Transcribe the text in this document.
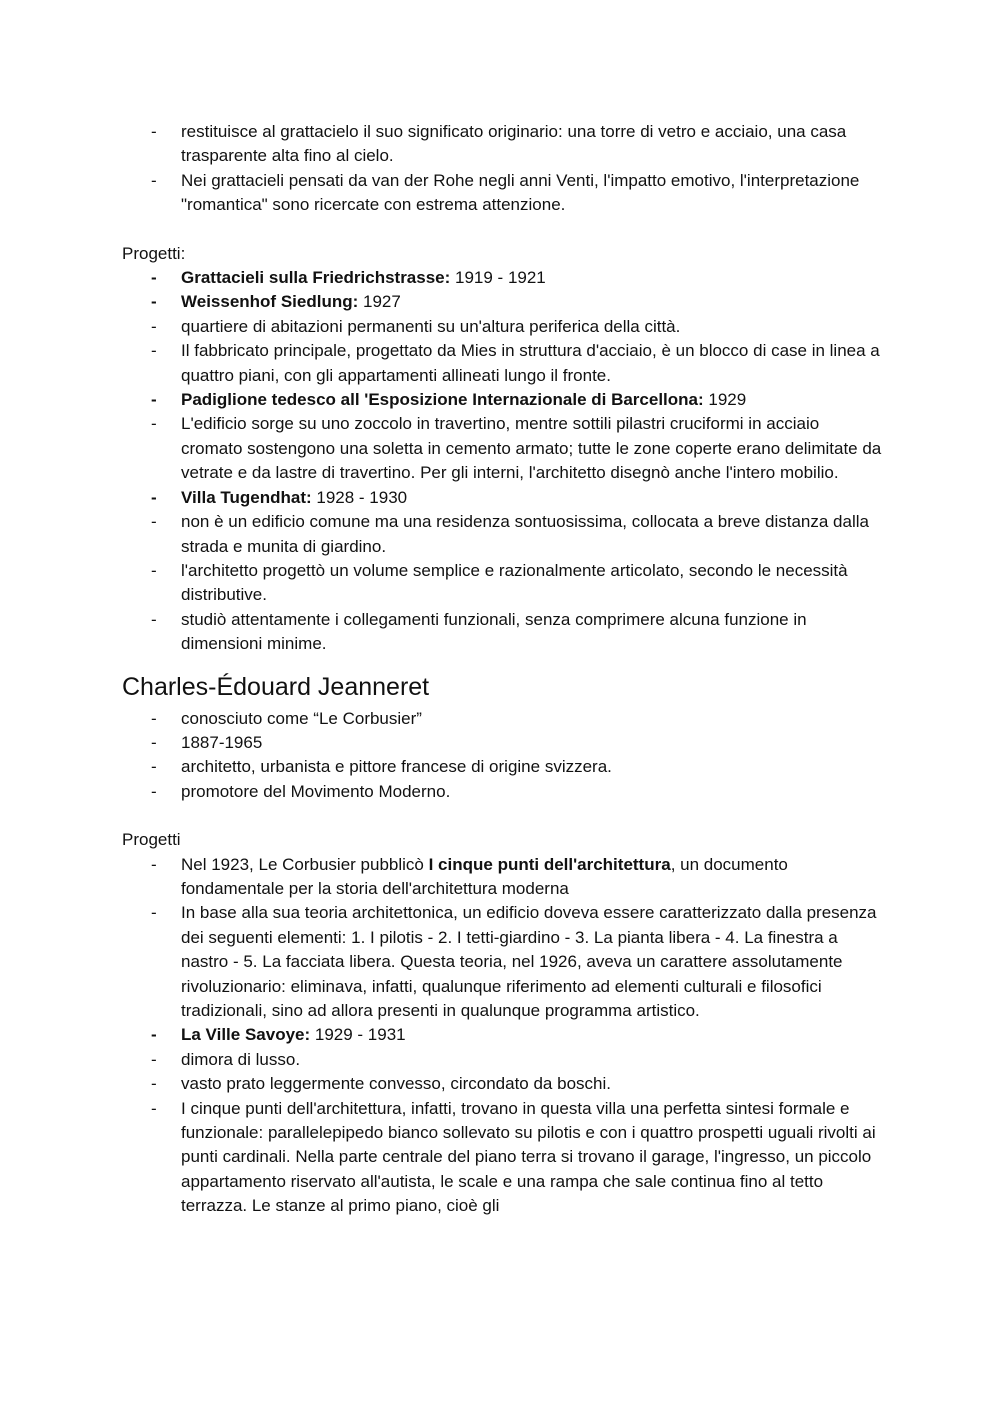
- restituisce al grattacielo il suo significato originario: una torre di vetro e acciaio, una casa trasparente alta fino al cielo.
- Nei grattacieli pensati da van der Rohe negli anni Venti, l'impatto emotivo, l'interpretazione "romantica" sono ricercate con estrema attenzione.
Progetti:
- Grattacieli sulla Friedrichstrasse: 1919 - 1921
- Weissenhof Siedlung: 1927
- quartiere di abitazioni permanenti su un'altura periferica della città.
- Il fabbricato principale, progettato da Mies in struttura d'acciaio, è un blocco di case in linea a quattro piani, con gli appartamenti allineati lungo il fronte.
- Padiglione tedesco all 'Esposizione Internazionale di Barcellona: 1929
- L'edificio sorge su uno zoccolo in travertino, mentre sottili pilastri cruciformi in acciaio cromato sostengono una soletta in cemento armato; tutte le zone coperte erano delimitate da vetrate e da lastre di travertino. Per gli interni, l'architetto disegnò anche l'intero mobilio.
- Villa Tugendhat: 1928 - 1930
- non è un edificio comune ma una residenza sontuosissima, collocata a breve distanza dalla strada e munita di giardino.
- l'architetto progettò un volume semplice e razionalmente articolato, secondo le necessità distributive.
- studiò attentamente i collegamenti funzionali, senza comprimere alcuna funzione in dimensioni minime.
Charles-Édouard Jeanneret
- conosciuto come “Le Corbusier”
- 1887-1965
- architetto, urbanista e pittore francese di origine svizzera.
- promotore del Movimento Moderno.
Progetti
- Nel 1923, Le Corbusier pubblicò I cinque punti dell'architettura, un documento fondamentale per la storia dell'architettura moderna
- In base alla sua teoria architettonica, un edificio doveva essere caratterizzato dalla presenza dei seguenti elementi: 1. I pilotis - 2. I tetti-giardino - 3. La pianta libera - 4. La finestra a nastro - 5. La facciata libera. Questa teoria, nel 1926, aveva un carattere assolutamente rivoluzionario: eliminava, infatti, qualunque riferimento ad elementi culturali e filosofici tradizionali, sino ad allora presenti in qualunque programma artistico.
- La Ville Savoye: 1929 - 1931
- dimora di lusso.
- vasto prato leggermente convesso, circondato da boschi.
- I cinque punti dell'architettura, infatti, trovano in questa villa una perfetta sintesi formale e funzionale: parallelepipedo bianco sollevato su pilotis e con i quattro prospetti uguali rivolti ai punti cardinali. Nella parte centrale del piano terra si trovano il garage, l'ingresso, un piccolo appartamento riservato all'autista, le scale e una rampa che sale continua fino al tetto terrazza. Le stanze al primo piano, cioè gli
